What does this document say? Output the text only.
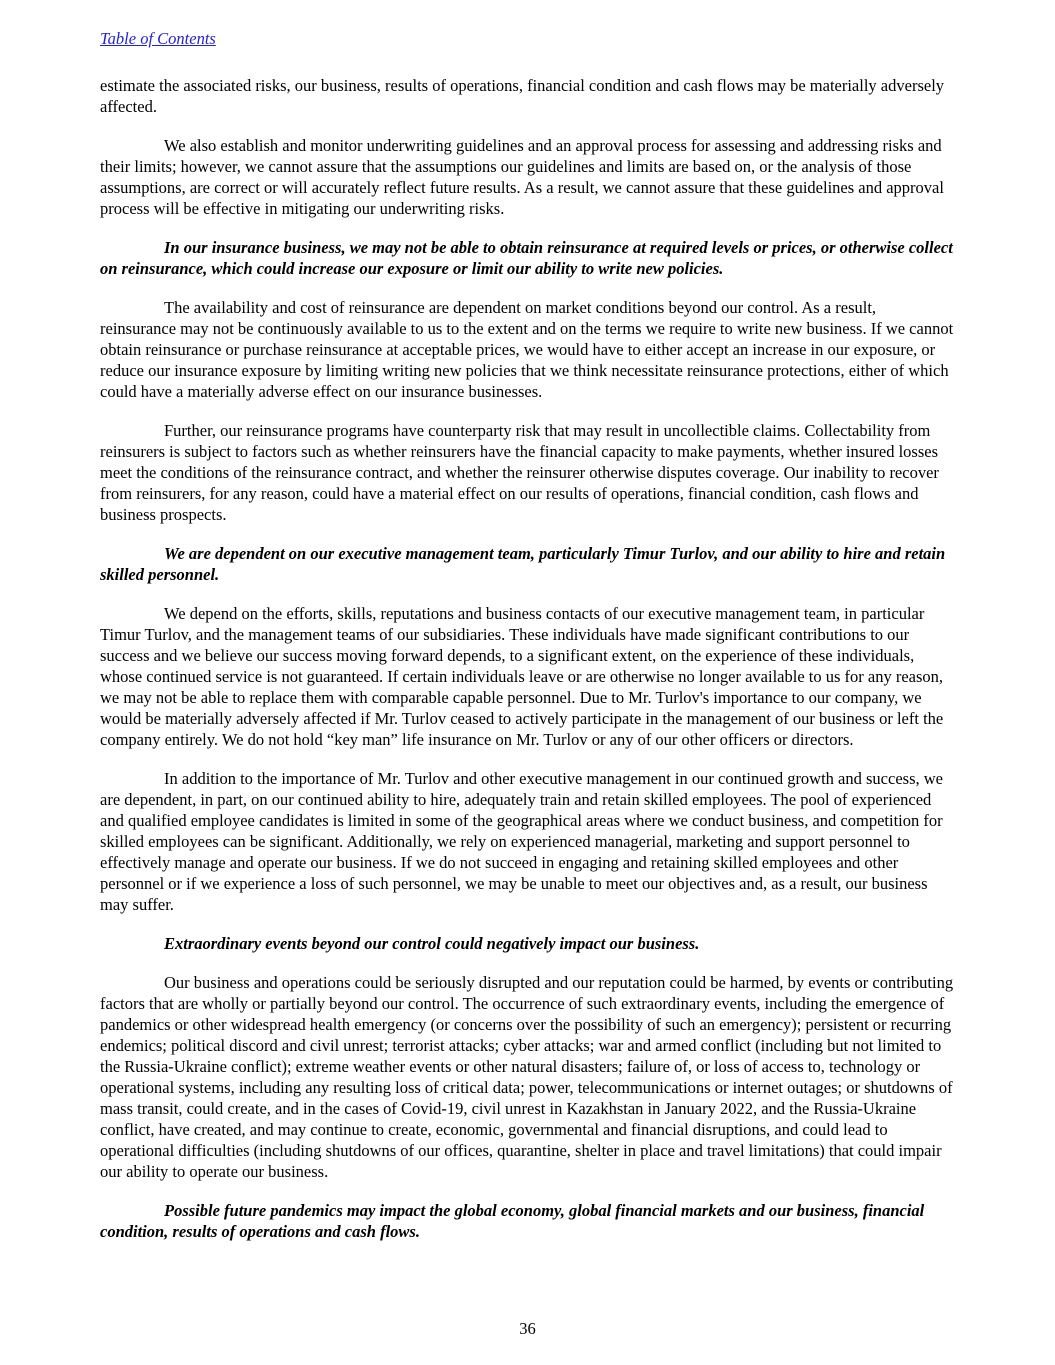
Table of Contents

estimate the associated risks, our business, results of operations, financial condition and cash flows may be materially adversely affected.

We also establish and monitor underwriting guidelines and an approval process for assessing and addressing risks and their limits; however, we cannot assure that the assumptions our guidelines and limits are based on, or the analysis of those assumptions, are correct or will accurately reflect future results. As a result, we cannot assure that these guidelines and approval process will be effective in mitigating our underwriting risks.

In our insurance business, we may not be able to obtain reinsurance at required levels or prices, or otherwise collect on reinsurance, which could increase our exposure or limit our ability to write new policies.

The availability and cost of reinsurance are dependent on market conditions beyond our control. As a result, reinsurance may not be continuously available to us to the extent and on the terms we require to write new business. If we cannot obtain reinsurance or purchase reinsurance at acceptable prices, we would have to either accept an increase in our exposure, or reduce our insurance exposure by limiting writing new policies that we think necessitate reinsurance protections, either of which could have a materially adverse effect on our insurance businesses.

Further, our reinsurance programs have counterparty risk that may result in uncollectible claims. Collectability from reinsurers is subject to factors such as whether reinsurers have the financial capacity to make payments, whether insured losses meet the conditions of the reinsurance contract, and whether the reinsurer otherwise disputes coverage. Our inability to recover from reinsurers, for any reason, could have a material effect on our results of operations, financial condition, cash flows and business prospects.

We are dependent on our executive management team, particularly Timur Turlov, and our ability to hire and retain skilled personnel.

We depend on the efforts, skills, reputations and business contacts of our executive management team, in particular Timur Turlov, and the management teams of our subsidiaries. These individuals have made significant contributions to our success and we believe our success moving forward depends, to a significant extent, on the experience of these individuals, whose continued service is not guaranteed. If certain individuals leave or are otherwise no longer available to us for any reason, we may not be able to replace them with comparable capable personnel. Due to Mr. Turlov's importance to our company, we would be materially adversely affected if Mr. Turlov ceased to actively participate in the management of our business or left the company entirely. We do not hold “key man” life insurance on Mr. Turlov or any of our other officers or directors.

In addition to the importance of Mr. Turlov and other executive management in our continued growth and success, we are dependent, in part, on our continued ability to hire, adequately train and retain skilled employees. The pool of experienced and qualified employee candidates is limited in some of the geographical areas where we conduct business, and competition for skilled employees can be significant. Additionally, we rely on experienced managerial, marketing and support personnel to effectively manage and operate our business. If we do not succeed in engaging and retaining skilled employees and other personnel or if we experience a loss of such personnel, we may be unable to meet our objectives and, as a result, our business may suffer.

Extraordinary events beyond our control could negatively impact our business.

Our business and operations could be seriously disrupted and our reputation could be harmed, by events or contributing factors that are wholly or partially beyond our control. The occurrence of such extraordinary events, including the emergence of pandemics or other widespread health emergency (or concerns over the possibility of such an emergency); persistent or recurring endemics; political discord and civil unrest; terrorist attacks; cyber attacks; war and armed conflict (including but not limited to the Russia-Ukraine conflict); extreme weather events or other natural disasters; failure of, or loss of access to, technology or operational systems, including any resulting loss of critical data; power, telecommunications or internet outages; or shutdowns of mass transit, could create, and in the cases of Covid-19, civil unrest in Kazakhstan in January 2022, and the Russia-Ukraine conflict, have created, and may continue to create, economic, governmental and financial disruptions, and could lead to operational difficulties (including shutdowns of our offices, quarantine, shelter in place and travel limitations) that could impair our ability to operate our business.

Possible future pandemics may impact the global economy, global financial markets and our business, financial condition, results of operations and cash flows.

36
